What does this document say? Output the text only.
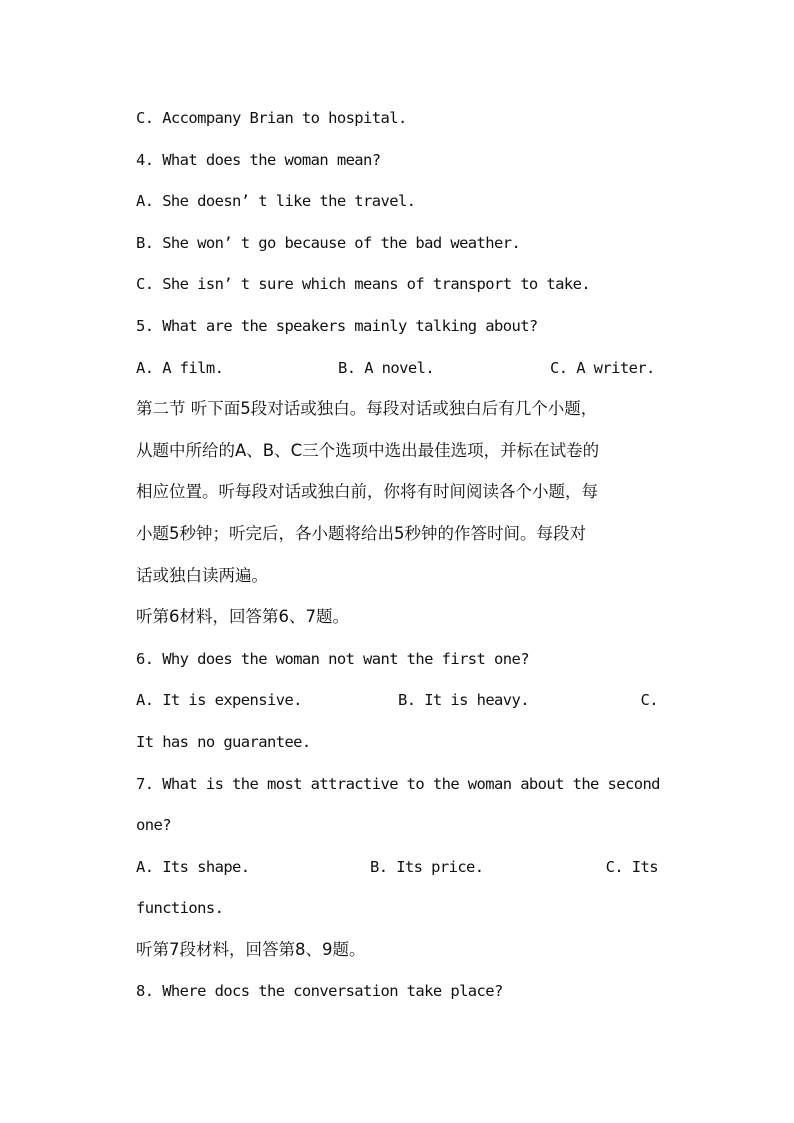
C. Accompany Brian to hospital.
4. What does the woman mean?
A. She doesn’ t like the travel.
B. She won’ t go because of the bad weather.
C. She isn’ t sure which means of transport to take.
5. What are the speakers mainly talking about?
A. A film.	B. A novel.	C. A writer.
第二节 听下面5段对话或独白。每段对话或独白后有几个小题，
从题中所给的A、B、C三个选项中选出最佳选项，并标在试卷的
相应位置。听每段对话或独白前，你将有时间阅读各个小题，每
小题5秒钟；听完后，各小题将给出5秒钟的作答时间。每段对
话或独白读两遍。
听第6材料，回答第6、7题。
6. Why does the woman not want the first one?
A. It is expensive.	B. It is heavy.	C.
It has no guarantee.
7. What is the most attractive to the woman about the second
one?
A. Its shape.	B. Its price.	C. Its
functions.
听第7段材料，回答第8、9题。
8. Where docs the conversation take place?
